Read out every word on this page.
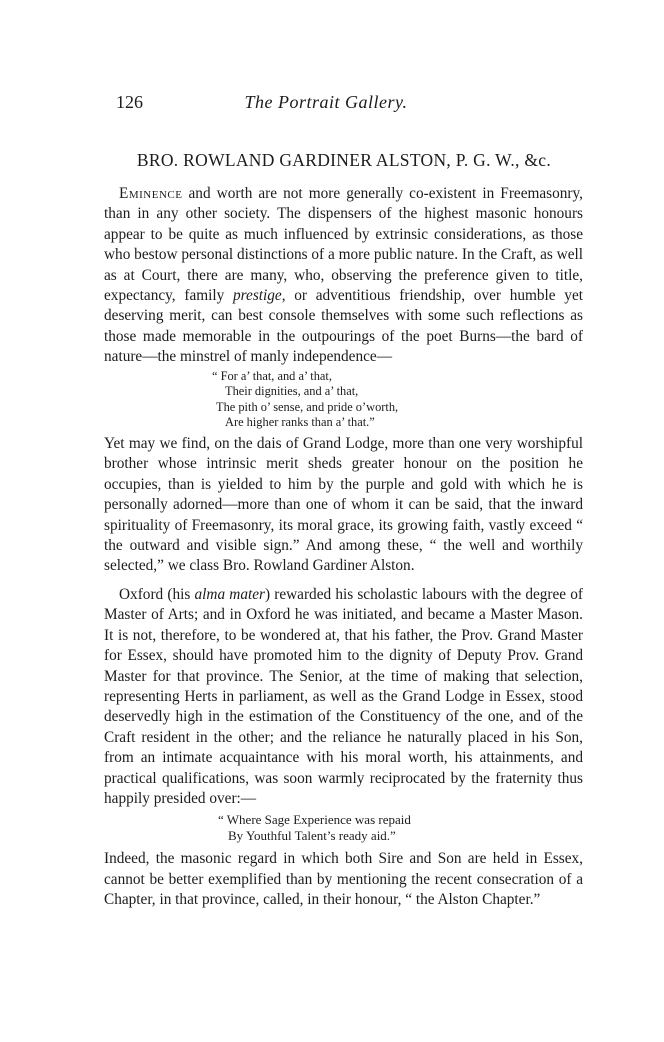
126	The Portrait Gallery.
BRO. ROWLAND GARDINER ALSTON, P. G. W., &c.

Eminence and worth are not more generally co-existent in Freemasonry, than in any other society. The dispensers of the highest masonic honours appear to be quite as much influenced by extrinsic considerations, as those who bestow personal distinctions of a more public nature. In the Craft, as well as at Court, there are many, who, observing the preference given to title, expectancy, family prestige, or adventitious friendship, over humble yet deserving merit, can best console themselves with some such reflections as those made memorable in the outpourings of the poet Burns—the bard of nature—the minstrel of manly independence—

“ For a’ that, and a’ that,
Their dignities, and a’ that,
The pith o’ sense, and pride o’worth,
Are higher ranks than a’ that.”

Yet may we find, on the dais of Grand Lodge, more than one very worshipful brother whose intrinsic merit sheds greater honour on the position he occupies, than is yielded to him by the purple and gold with which he is personally adorned—more than one of whom it can be said, that the inward spirituality of Freemasonry, its moral grace, its growing faith, vastly exceed “ the outward and visible sign.” And among these, “ the well and worthily selected,” we class Bro. Rowland Gardiner Alston.

Oxford (his alma mater) rewarded his scholastic labours with the degree of Master of Arts; and in Oxford he was initiated, and became a Master Mason. It is not, therefore, to be wondered at, that his father, the Prov. Grand Master for Essex, should have promoted him to the dignity of Deputy Prov. Grand Master for that province. The Senior, at the time of making that selection, representing Herts in parliament, as well as the Grand Lodge in Essex, stood deservedly high in the estimation of the Constituency of the one, and of the Craft resident in the other; and the reliance he naturally placed in his Son, from an intimate acquaintance with his moral worth, his attainments, and practical qualifications, was soon warmly reciprocated by the fraternity thus happily presided over:—

“ Where Sage Experience was repaid
By Youthful Talent’s ready aid.”

Indeed, the masonic regard in which both Sire and Son are held in Essex, cannot be better exemplified than by mentioning the recent consecration of a Chapter, in that province, called, in their honour, “ the Alston Chapter.”
